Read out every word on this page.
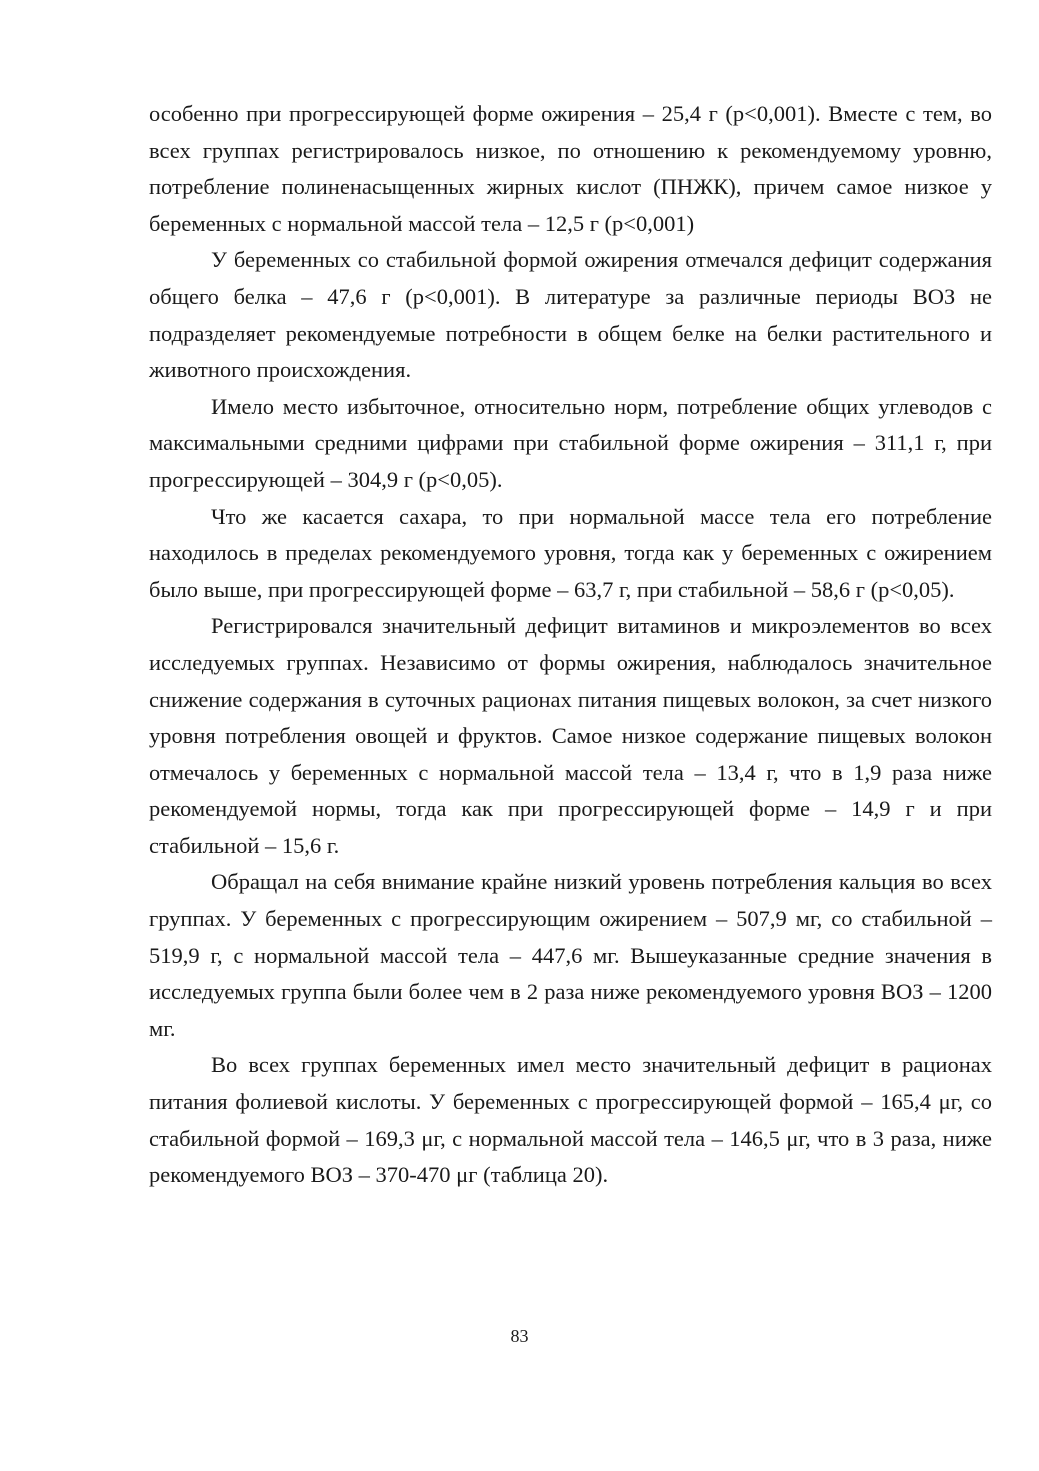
особенно при прогрессирующей форме ожирения – 25,4 г (p<0,001). Вместе с тем, во всех группах регистрировалось низкое, по отношению к рекомендуемому уровню, потребление полиненасыщенных жирных кислот (ПНЖК), причем самое низкое у беременных с нормальной массой тела – 12,5 г (p<0,001)

У беременных со стабильной формой ожирения отмечался дефицит содержания общего белка – 47,6 г (p<0,001). В литературе за различные периоды ВОЗ не подразделяет рекомендуемые потребности в общем белке на белки растительного и животного происхождения.

Имело место избыточное, относительно норм, потребление общих углеводов с максимальными средними цифрами при стабильной форме ожирения – 311,1 г, при прогрессирующей – 304,9 г (p<0,05).

Что же касается сахара, то при нормальной массе тела его потребление находилось в пределах рекомендуемого уровня, тогда как у беременных с ожирением было выше, при прогрессирующей форме – 63,7 г, при стабильной – 58,6 г (p<0,05).

Регистрировался значительный дефицит витаминов и микроэлементов во всех исследуемых группах. Независимо от формы ожирения, наблюдалось значительное снижение содержания в суточных рационах питания пищевых волокон, за счет низкого уровня потребления овощей и фруктов. Самое низкое содержание пищевых волокон отмечалось у беременных с нормальной массой тела – 13,4 г, что в 1,9 раза ниже рекомендуемой нормы, тогда как при прогрессирующей форме – 14,9 г и при стабильной – 15,6 г.

Обращал на себя внимание крайне низкий уровень потребления кальция во всех группах. У беременных с прогрессирующим ожирением – 507,9 мг, со стабильной – 519,9 г, с нормальной массой тела – 447,6 мг. Вышеуказанные средние значения в исследуемых группа были более чем в 2 раза ниже рекомендуемого уровня ВОЗ – 1200 мг.

Во всех группах беременных имел место значительный дефицит в рационах питания фолиевой кислоты. У беременных с прогрессирующей формой – 165,4 μг, со стабильной формой – 169,3 μг, с нормальной массой тела – 146,5 μг, что в 3 раза, ниже рекомендуемого ВОЗ – 370-470 μг (таблица 20).

83
